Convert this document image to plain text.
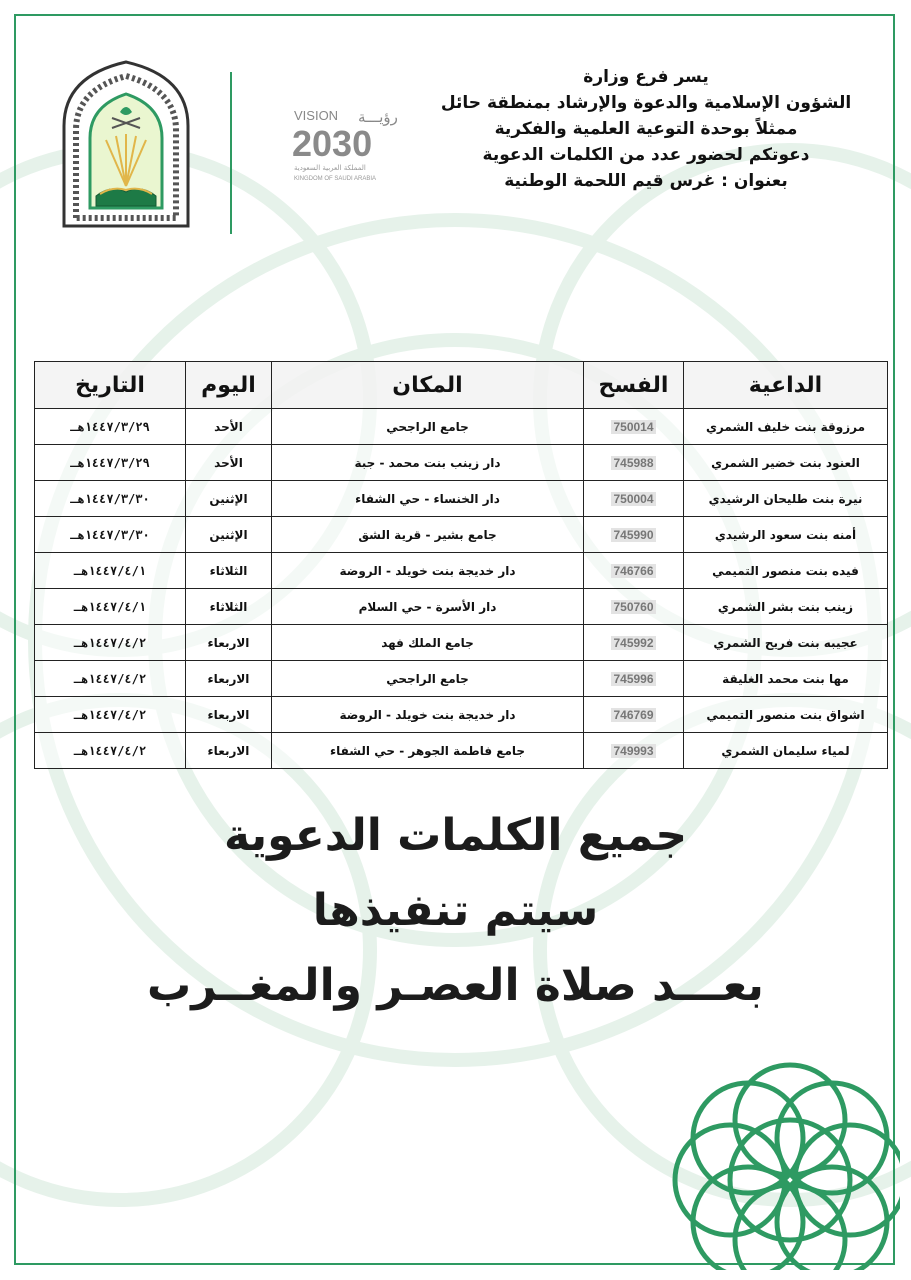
VISION رؤيـــة
2030
المملكة العربية السعودية
KINGDOM OF SAUDI ARABIA
يسر فرع وزارة
الشؤون الإسلامية والدعوة والإرشاد بمنطقة حائل
ممثلاً بوحدة التوعية العلمية والفكرية
دعوتكم لحضور عدد من الكلمات الدعوية
بعنوان : غرس قيم اللحمة الوطنية
الداعية	الفسح	المكان	اليوم	التاريخ
مرزوقة بنت خليف الشمري	750014	جامع الراجحي	الأحد	١٤٤٧/٣/٢٩هـ
العنود بنت خضير الشمري	745988	دار زينب بنت محمد - جبة	الأحد	١٤٤٧/٣/٢٩هـ
نيرة بنت طليحان الرشيدي	750004	دار الخنساء - حي الشفاء	الإثنين	١٤٤٧/٣/٣٠هـ
أمنه بنت سعود الرشيدي	745990	جامع بشير - قرية الشق	الإثنين	١٤٤٧/٣/٣٠هـ
فيده بنت منصور التميمي	746766	دار خديجة بنت خويلد - الروضة	الثلاثاء	١٤٤٧/٤/١هـ
زينب بنت بشر الشمري	750760	دار الأسرة - حي السلام	الثلاثاء	١٤٤٧/٤/١هـ
عجيبه بنت فريح الشمري	745992	جامع الملك فهد	الاربعاء	١٤٤٧/٤/٢هـ
مها بنت محمد الغليقة	745996	جامع الراجحي	الاربعاء	١٤٤٧/٤/٢هـ
اشواق بنت منصور التميمي	746769	دار خديجة بنت خويلد - الروضة	الاربعاء	١٤٤٧/٤/٢هـ
لمياء سليمان الشمري	749993	جامع فاطمة الجوهر - حي الشفاء	الاربعاء	١٤٤٧/٤/٢هـ
جميع الكلمات الدعوية
سيتم تنفيذها
بعـــد صلاة العصـر والمغــرب
